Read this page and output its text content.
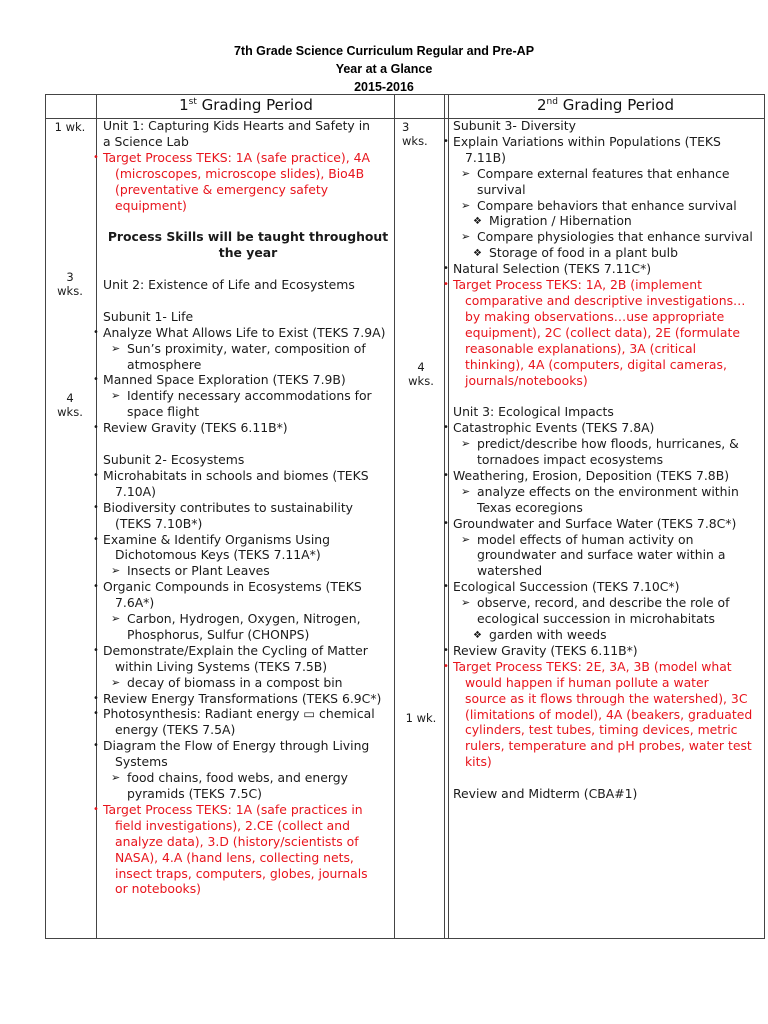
7th Grade Science Curriculum Regular and Pre-AP
Year at a Glance
2015-2016
1st Grading Period	2nd Grading Period
1 wk.
3
wks.
4
wks.
3
wks.
4
wks.
1 wk.
Unit 1: Capturing Kids Hearts and Safety in
a Science Lab
• Target Process TEKS: 1A (safe practice), 4A
(microscopes, microscope slides), Bio4B
(preventative & emergency safety
equipment)
Process Skills will be taught throughout
the year
Unit 2: Existence of Life and Ecosystems
Subunit 1- Life
• Analyze What Allows Life to Exist (TEKS 7.9A)
➢ Sun’s proximity, water, composition of
atmosphere
• Manned Space Exploration (TEKS 7.9B)
➢ Identify necessary accommodations for
space flight
• Review Gravity (TEKS 6.11B*)
Subunit 2- Ecosystems
• Microhabitats in schools and biomes (TEKS
7.10A)
• Biodiversity contributes to sustainability
(TEKS 7.10B*)
• Examine & Identify Organisms Using
Dichotomous Keys (TEKS 7.11A*)
➢ Insects or Plant Leaves
• Organic Compounds in Ecosystems (TEKS
7.6A*)
➢ Carbon, Hydrogen, Oxygen, Nitrogen,
Phosphorus, Sulfur (CHONPS)
• Demonstrate/Explain the Cycling of Matter
within Living Systems (TEKS 7.5B)
➢ decay of biomass in a compost bin
• Review Energy Transformations (TEKS 6.9C*)
• Photosynthesis: Radiant energy ▭ chemical
energy (TEKS 7.5A)
• Diagram the Flow of Energy through Living
Systems
➢ food chains, food webs, and energy
pyramids (TEKS 7.5C)
• Target Process TEKS: 1A (safe practices in
field investigations), 2.CE (collect and
analyze data), 3.D (history/scientists of
NASA), 4.A (hand lens, collecting nets,
insect traps, computers, globes, journals
or notebooks)
Subunit 3- Diversity
• Explain Variations within Populations (TEKS
7.11B)
➢ Compare external features that enhance
survival
➢ Compare behaviors that enhance survival
❖ Migration / Hibernation
➢ Compare physiologies that enhance survival
❖ Storage of food in a plant bulb
• Natural Selection (TEKS 7.11C*)
• Target Process TEKS: 1A, 2B (implement
comparative and descriptive investigations…
by making observations…use appropriate
equipment), 2C (collect data), 2E (formulate
reasonable explanations), 3A (critical
thinking), 4A (computers, digital cameras,
journals/notebooks)
Unit 3: Ecological Impacts
• Catastrophic Events (TEKS 7.8A)
➢ predict/describe how floods, hurricanes, &
tornadoes impact ecosystems
• Weathering, Erosion, Deposition (TEKS 7.8B)
➢ analyze effects on the environment within
Texas ecoregions
• Groundwater and Surface Water (TEKS 7.8C*)
➢ model effects of human activity on
groundwater and surface water within a
watershed
• Ecological Succession (TEKS 7.10C*)
➢ observe, record, and describe the role of
ecological succession in microhabitats
❖ garden with weeds
• Review Gravity (TEKS 6.11B*)
• Target Process TEKS: 2E, 3A, 3B (model what
would happen if human pollute a water
source as it flows through the watershed), 3C
(limitations of model), 4A (beakers, graduated
cylinders, test tubes, timing devices, metric
rulers, temperature and pH probes, water test
kits)
Review and Midterm (CBA#1)
